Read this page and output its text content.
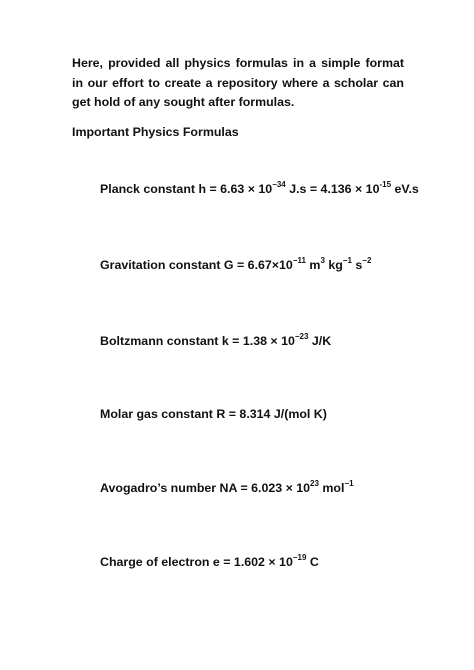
Here, provided all physics formulas in a simple format in our effort to create a repository where a scholar can get hold of any sought after formulas.

Important Physics Formulas

Planck constant $h = 6.63 \times 10^{-34}$ $J.s = 4.136 \times 10^{-15}$ eV.s

Gravitation constant $G = 6.67\times 10^{-11}$ $m^3$ $kg^{-1}$ $s^{-2}$

Boltzmann constant $k = 1.38 \times 10^{-23}$ J/K

Molar gas constant R = 8.314 J/(mol K)

Avogadro’s number NA = $6.023 \times 10^{23}$ mol$^{-1}$

Charge of electron $e = 1.602 \times 10^{-19}$ C
